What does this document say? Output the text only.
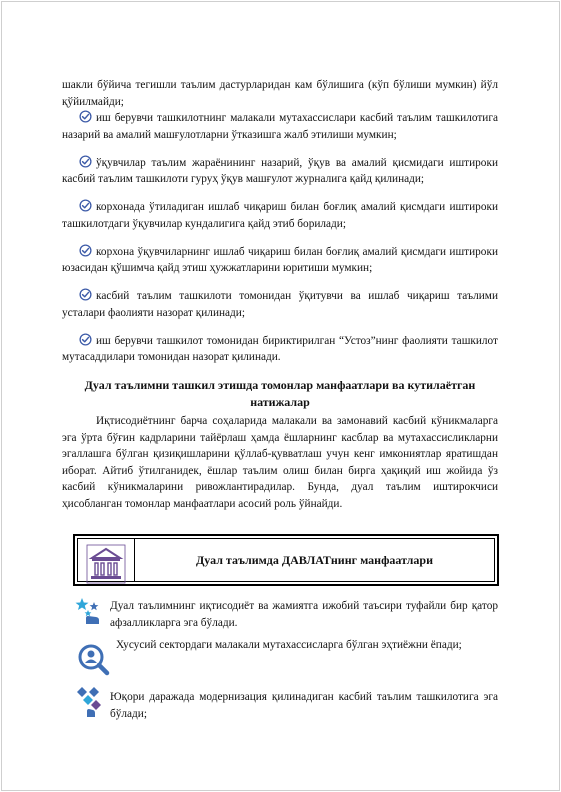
шакли бўйича тегишли таълим дастурларидан кам бўлишига (кўп бўлиши мумкин) йўл қўйилмайди;

иш берувчи ташкилотнинг малакали мутахассислари касбий таълим ташкилотига назарий ва амалий машғулотларни ўтказишга жалб этилиши мумкин;

ўқувчилар таълим жараёнининг назарий, ўқув ва амалий қисмидаги иштироки касбий таълим ташкилоти гуруҳ ўқув машғулот журналига қайд қилинади;

корхонада ўтиладиган ишлаб чиқариш билан боғлиқ амалий қисмдаги иштироки ташкилотдаги ўқувчилар кундалигига қайд этиб борилади;

корхона ўқувчиларнинг ишлаб чиқариш билан боғлиқ амалий қисмдаги иштироки юзасидан қўшимча қайд этиш ҳужжатларини юритиши мумкин;

касбий таълим ташкилоти томонидан ўқитувчи ва ишлаб чиқариш таълими усталари фаолияти назорат қилинади;

иш берувчи ташкилот томонидан бириктирилган “Устоз”нинг фаолияти ташкилот мутасаддилари томонидан назорат қилинади.

Дуал таълимни ташкил этишда томонлар манфаатлари ва кутилаётган натижалар
Иқтисодиётнинг барча соҳаларида малакали ва замонавий касбий кўникмаларга эга ўрта бўғин кадрларини тайёрлаш ҳамда ёшларнинг касблар ва мутахассисликларни эгаллашга бўлган қизиқишларини қўллаб-қувватлаш учун кенг имкониятлар яратишдан иборат. Айтиб ўтилганидек, ёшлар таълим олиш билан бирга ҳақиқий иш жойида ўз касбий кўникмаларини ривожлантирадилар. Бунда, дуал таълим иштирокчиси ҳисобланган томонлар манфаатлари асосий роль ўйнайди.
Дуал таълимда ДАВЛАТнинг манфаатлари
Дуал таълимнинг иқтисодиёт ва жамиятга ижобий таъсири туфайли бир қатор афзалликларга эга бўлади.
Хусусий сектордаги малакали мутахассисларга бўлган эҳтиёжни ёпади;
Юқори даражада модернизация қилинадиган касбий таълим ташкилотига эга бўлади;
